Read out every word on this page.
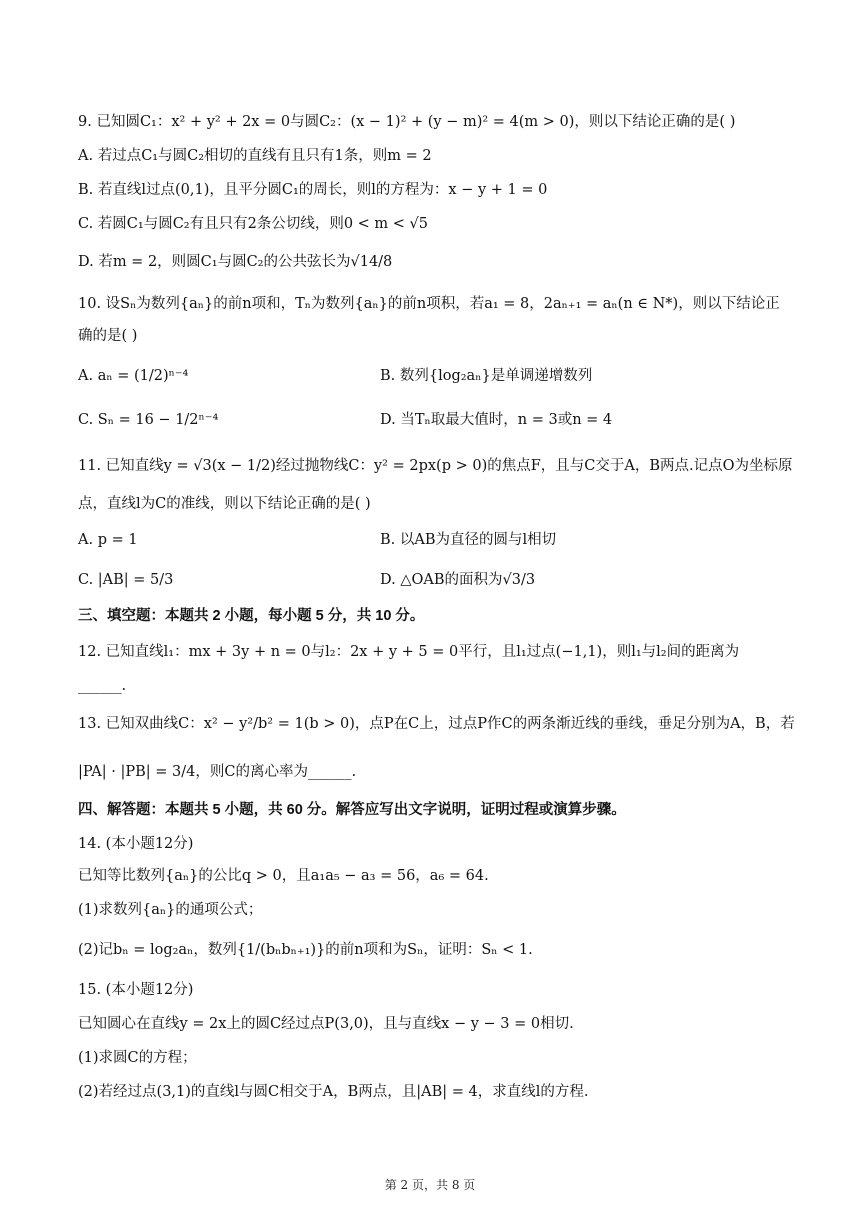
9. 已知圆C₁：x² + y² + 2x = 0与圆C₂：(x − 1)² + (y − m)² = 4(m > 0)，则以下结论正确的是( )
A. 若过点C₁与圆C₂相切的直线有且只有1条，则m = 2
B. 若直线l过点(0,1)，且平分圆C₁的周长，则l的方程为：x − y + 1 = 0
C. 若圆C₁与圆C₂有且只有2条公切线，则0 < m < √5
D. 若m = 2，则圆C₁与圆C₂的公共弦长为√14/8
10. 设Sₙ为数列{aₙ}的前n项和，Tₙ为数列{aₙ}的前n项积，若a₁ = 8，2aₙ₊₁ = aₙ(n ∈ N*)，则以下结论正
确的是( )
A. aₙ = (1/2)ⁿ⁻⁴	B. 数列{log₂aₙ}是单调递增数列
C. Sₙ = 16 − 1/2ⁿ⁻⁴	D. 当Tₙ取最大值时，n = 3或n = 4
11. 已知直线y = √3(x − 1/2)经过抛物线C：y² = 2px(p > 0)的焦点F，且与C交于A，B两点.记点O为坐标原
点，直线l为C的准线，则以下结论正确的是( )
A. p = 1	B. 以AB为直径的圆与l相切
C. |AB| = 5/3	D. △OAB的面积为√3/3
三、填空题：本题共 2 小题，每小题 5 分，共 10 分。
12. 已知直线l₁：mx + 3y + n = 0与l₂：2x + y + 5 = 0平行，且l₁过点(−1,1)，则l₁与l₂间的距离为
______.
13. 已知双曲线C：x² − y²/b² = 1(b > 0)，点P在C上，过点P作C的两条渐近线的垂线，垂足分别为A，B，若
|PA| · |PB| = 3/4，则C的离心率为______.
四、解答题：本题共 5 小题，共 60 分。解答应写出文字说明，证明过程或演算步骤。
14. (本小题12分)
已知等比数列{aₙ}的公比q > 0，且a₁a₅ − a₃ = 56，a₆ = 64.
(1)求数列{aₙ}的通项公式；
(2)记bₙ = log₂aₙ，数列{1/(bₙbₙ₊₁)}的前n项和为Sₙ，证明：Sₙ < 1.
15. (本小题12分)
已知圆心在直线y = 2x上的圆C经过点P(3,0)，且与直线x − y − 3 = 0相切.
(1)求圆C的方程；
(2)若经过点(3,1)的直线l与圆C相交于A，B两点，且|AB| = 4，求直线l的方程.
第 2 页，共 8 页
